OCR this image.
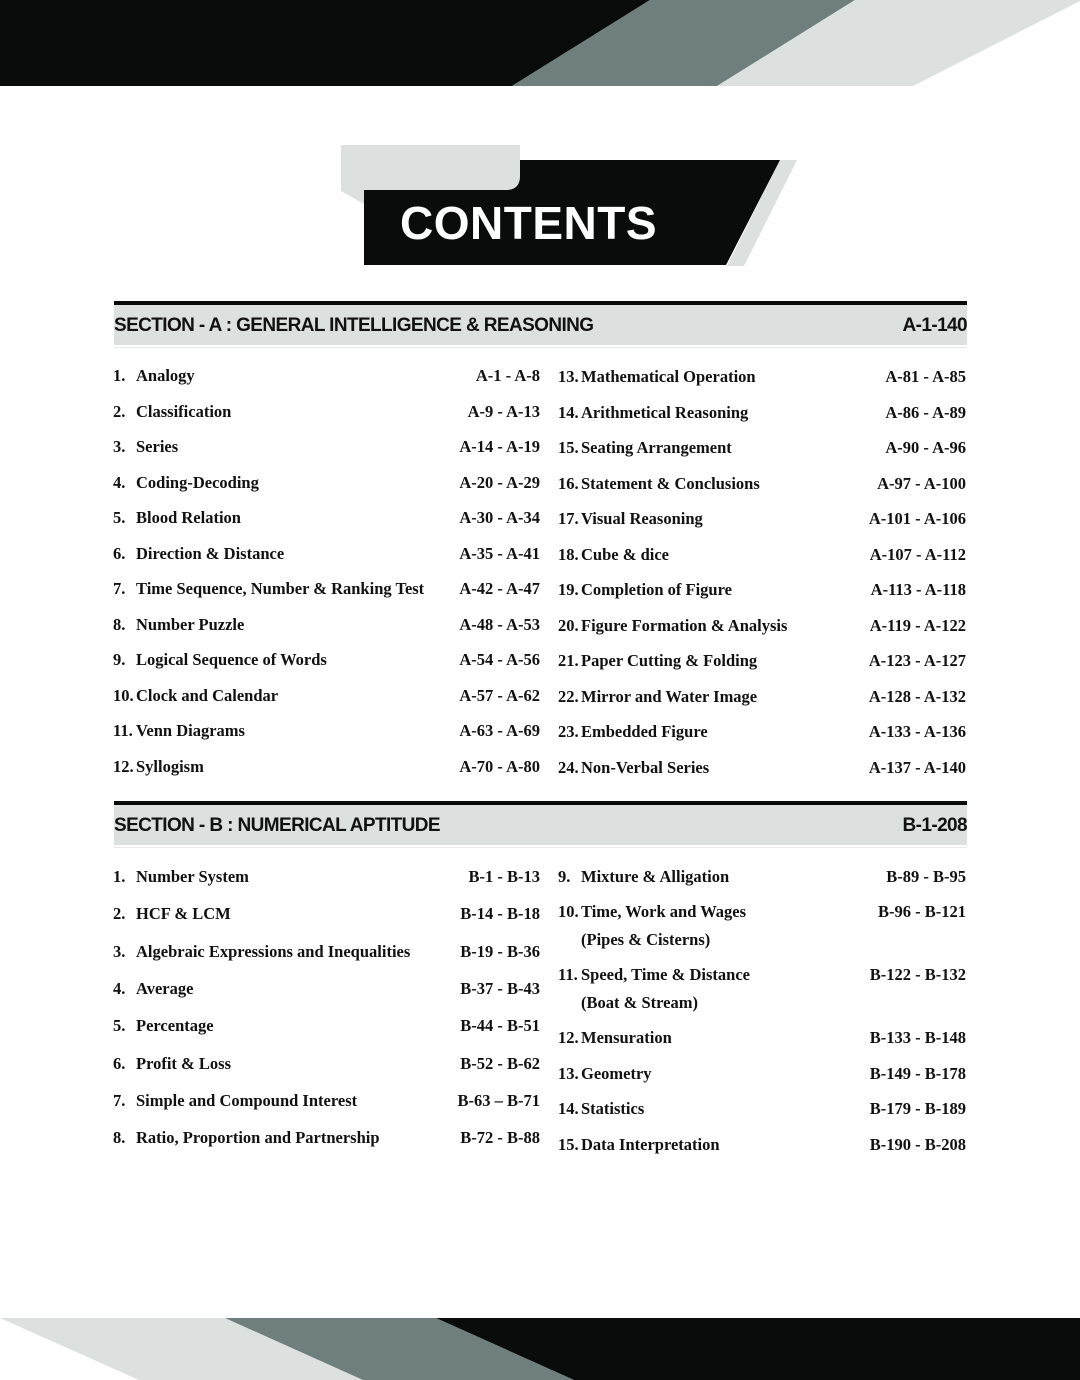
CONTENTS
SECTION - A : GENERAL INTELLIGENCE & REASONING	A-1-140
1. Analogy	A-1 - A-8
2. Classification	A-9 - A-13
3. Series	A-14 - A-19
4. Coding-Decoding	A-20 - A-29
5. Blood Relation	A-30 - A-34
6. Direction & Distance	A-35 - A-41
7. Time Sequence, Number & Ranking Test A-42 - A-47
8. Number Puzzle	A-48 - A-53
9. Logical Sequence of Words	A-54 - A-56
10. Clock and Calendar	A-57 - A-62
11. Venn Diagrams	A-63 - A-69
12. Syllogism	A-70 - A-80
13. Mathematical Operation	A-81 - A-85
14. Arithmetical Reasoning	A-86 - A-89
15. Seating Arrangement	A-90 - A-96
16. Statement & Conclusions	A-97 - A-100
17. Visual Reasoning	A-101 - A-106
18. Cube & dice	A-107 - A-112
19. Completion of Figure	A-113 - A-118
20. Figure Formation & Analysis	A-119 - A-122
21. Paper Cutting & Folding	A-123 - A-127
22. Mirror and Water Image	A-128 - A-132
23. Embedded Figure	A-133 - A-136
24. Non-Verbal Series	A-137 - A-140
SECTION - B : NUMERICAL APTITUDE	B-1-208
1. Number System	B-1 - B-13
2. HCF & LCM	B-14 - B-18
3. Algebraic Expressions and Inequalities	B-19 - B-36
4. Average	B-37 - B-43
5. Percentage	B-44 - B-51
6. Profit & Loss	B-52 - B-62
7. Simple and Compound Interest	B-63 – B-71
8. Ratio, Proportion and Partnership	B-72 - B-88
9. Mixture & Alligation	B-89 - B-95
10. Time, Work and Wages	B-96 - B-121
(Pipes & Cisterns)
11. Speed, Time & Distance	B-122 - B-132
(Boat & Stream)
12. Mensuration	B-133 - B-148
13. Geometry	B-149 - B-178
14. Statistics	B-179 - B-189
15. Data Interpretation	B-190 - B-208
